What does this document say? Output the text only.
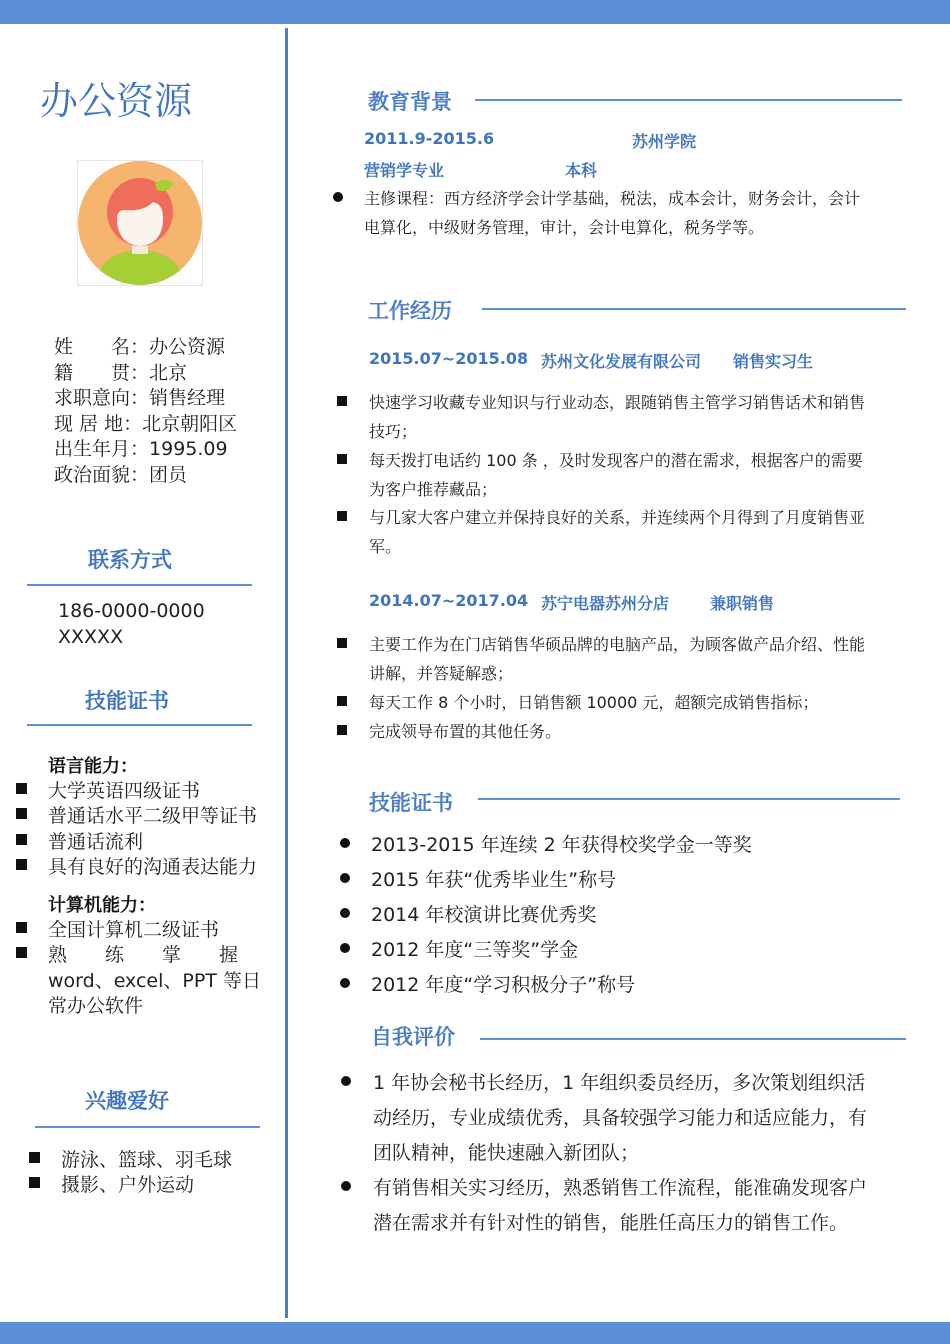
办公资源
姓　　名：办公资源
籍　　贯：北京
求职意向：销售经理
现 居 地：北京朝阳区
出生年月：1995.09
政治面貌：团员
联系方式
186-0000-0000
XXXXX
技能证书
语言能力：
大学英语四级证书
普通话水平二级甲等证书
普通话流利
具有良好的沟通表达能力
计算机能力：
全国计算机二级证书
熟　　练　　掌　　握
word、excel、PPT 等日
常办公软件
兴趣爱好
游泳、篮球、羽毛球
摄影、户外运动
教育背景
2011.9-2015.6	苏州学院
营销学专业	本科
主修课程：西方经济学会计学基础，税法，成本会计，财务会计，会计
电算化，中级财务管理，审计，会计电算化，税务学等。
工作经历
2015.07~2015.08 苏州文化发展有限公司 销售实习生
快速学习收藏专业知识与行业动态，跟随销售主管学习销售话术和销售
技巧；
每天拨打电话约 100 条 ，及时发现客户的潜在需求，根据客户的需要
为客户推荐藏品；
与几家大客户建立并保持良好的关系，并连续两个月得到了月度销售亚
军。
2014.07~2017.04 苏宁电器苏州分店	兼职销售
主要工作为在门店销售华硕品牌的电脑产品，为顾客做产品介绍、性能
讲解，并答疑解惑；
每天工作 8 个小时，日销售额 10000 元，超额完成销售指标；
完成领导布置的其他任务。
技能证书
2013-2015 年连续 2 年获得校奖学金一等奖
2015 年获“优秀毕业生”称号
2014 年校演讲比赛优秀奖
2012 年度“三等奖”学金
2012 年度“学习积极分子”称号
自我评价
1 年协会秘书长经历，1 年组织委员经历，多次策划组织活
动经历，专业成绩优秀，具备较强学习能力和适应能力，有
团队精神，能快速融入新团队；
有销售相关实习经历，熟悉销售工作流程，能准确发现客户
潜在需求并有针对性的销售，能胜任高压力的销售工作。
